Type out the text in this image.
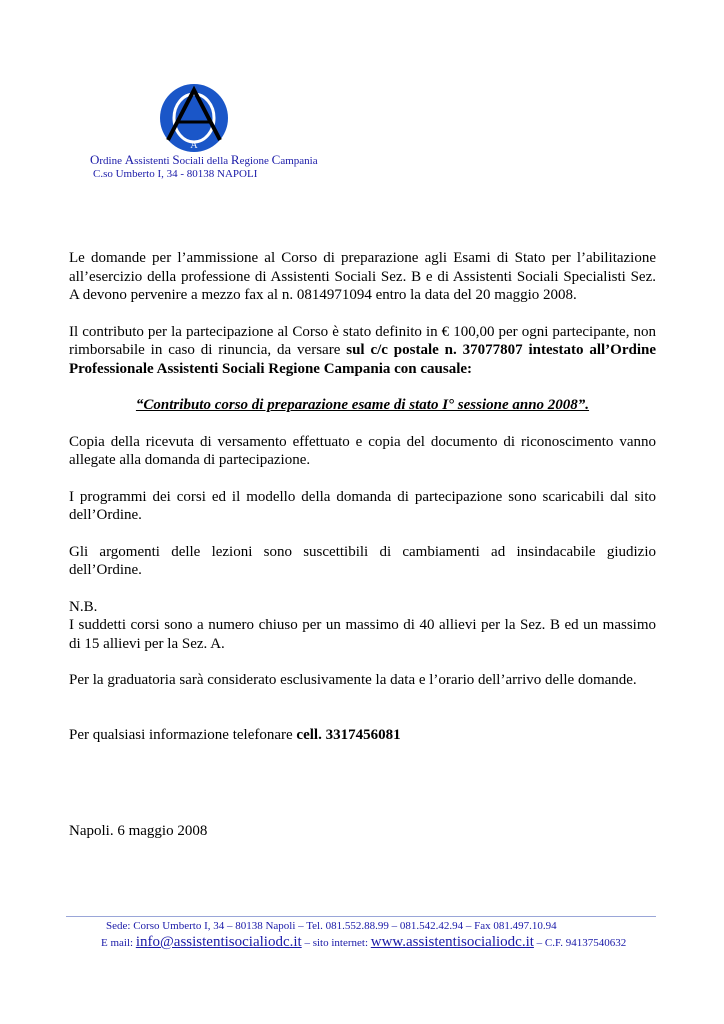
A
Ordine Assistenti Sociali della Regione Campania
C.so Umberto I, 34 - 80138 NAPOLI

Le domande per l’ammissione al Corso di preparazione agli Esami di Stato per l’abilitazione all’esercizio della professione di Assistenti Sociali Sez. B e di Assistenti Sociali Specialisti Sez. A devono pervenire a mezzo fax al n. 0814971094 entro la data del 20 maggio 2008.

Il contributo per la partecipazione al Corso è stato definito in € 100,00 per ogni partecipante, non rimborsabile in caso di rinuncia, da versare sul c/c postale n. 37077807 intestato all’Ordine Professionale Assistenti Sociali Regione Campania con causale:

“Contributo corso di preparazione esame di stato I° sessione anno 2008”.

Copia della ricevuta di versamento effettuato e copia del documento di riconoscimento vanno allegate alla domanda di partecipazione.

I programmi dei corsi ed il modello della domanda di partecipazione sono scaricabili dal sito dell’Ordine.

Gli argomenti delle lezioni sono suscettibili di cambiamenti ad insindacabile giudizio dell’Ordine.

N.B.

I suddetti corsi sono a numero chiuso per un massimo di 40 allievi per la Sez. B ed un massimo di 15 allievi per la Sez. A.

Per la graduatoria sarà considerato esclusivamente la data e l’orario dell’arrivo delle domande.

Per qualsiasi informazione telefonare cell. 3317456081

Napoli. 6 maggio 2008
Sede: Corso Umberto I, 34 – 80138 Napoli – Tel. 081.552.88.99 – 081.542.42.94 – Fax 081.497.10.94
E mail: info@assistentisocialiodc.it – sito internet: www.assistentisocialiodc.it – C.F. 94137540632
